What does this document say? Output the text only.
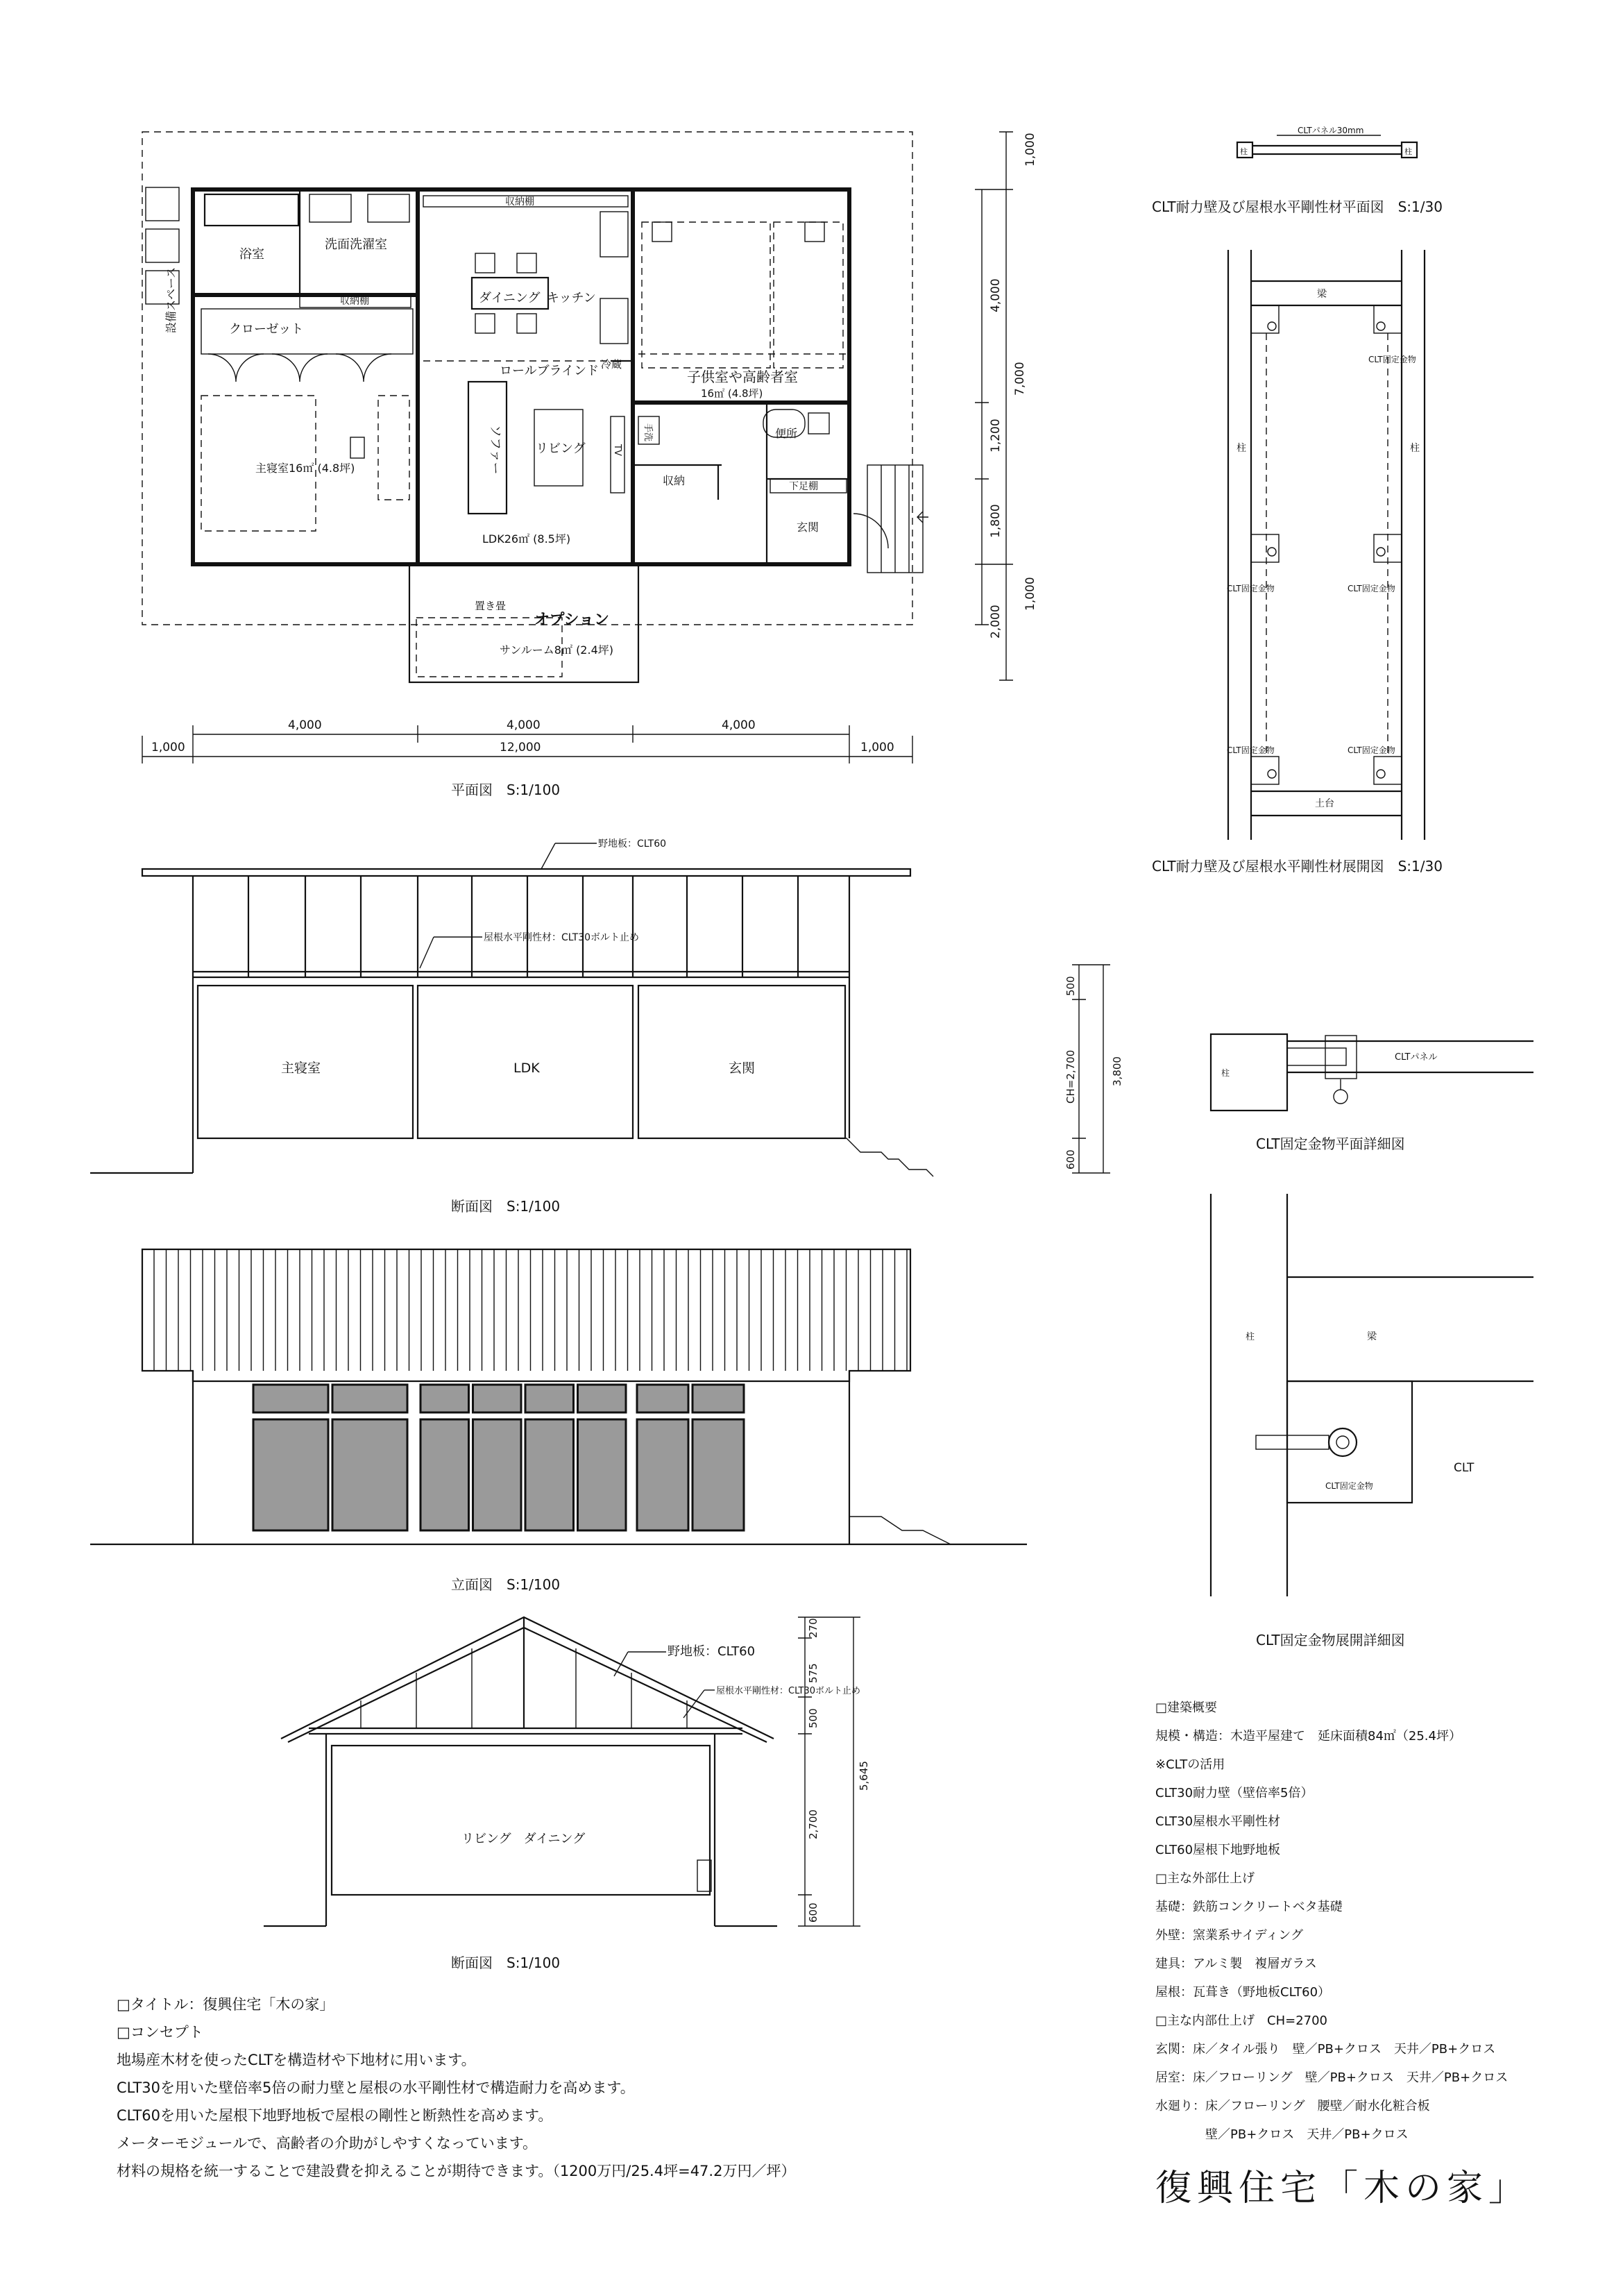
浴室
洗面洗濯室
収納棚
収納棚
設備スペース	クローゼット
主寝室16㎡ (4.8坪)
ダイニング キッチン
冷蔵
ロールブラインド
ソファー	リビング	TV
LDK26㎡ (8.5坪)
子供室や高齢者室
16㎡ (4.8坪)
手洗	便所
収納	下足棚
玄関
置き畳
オプション
サンルーム8㎡ (2.4坪)
1,000
4,000
7,000
1,200
1,800
1,000
2,000
4,000	4,000	4,000
1,000	12,000	1,000
平面図　S:1/100
野地板：CLT60
屋根水平剛性材：CLT30ボルト止め
主寝室	LDK	玄関
500
CH=2,700	3,800
600
断面図　S:1/100
立面図　S:1/100
野地板：CLT60
屋根水平剛性材：CLT30ボルト止め
リビング　ダイニング
270
575
500
5,645
2,700
600
断面図　S:1/100
CLTパネル30mm
柱	柱
CLT耐力壁及び屋根水平剛性材平面図　S:1/30
梁
土台
柱	柱
CLT固定金物
CLT固定金物	CLT固定金物
CLT固定金物	CLT固定金物
CLT耐力壁及び屋根水平剛性材展開図　S:1/30
柱
CLTパネル
CLT固定金物平面詳細図
柱	梁
CLT
CLT固定金物
CLT固定金物展開詳細図
□建築概要
規模・構造：木造平屋建て　延床面積84㎡（25.4坪）
※CLTの活用
CLT30耐力壁（壁倍率5倍）
CLT30屋根水平剛性材
CLT60屋根下地野地板
□主な外部仕上げ
基礎：鉄筋コンクリートベタ基礎
外壁：窯業系サイディング
建具：アルミ製　複層ガラス
屋根：瓦葺き（野地板CLT60）
□主な内部仕上げ　CH=2700
玄関：床／タイル張り　壁／PB+クロス　天井／PB+クロス
居室：床／フローリング　壁／PB+クロス　天井／PB+クロス
水廻り：床／フローリング　腰壁／耐水化粧合板
　　　　壁／PB+クロス　天井／PB+クロス
□タイトル：復興住宅「木の家」
□コンセプト
地場産木材を使ったCLTを構造材や下地材に用います。
CLT30を用いた壁倍率5倍の耐力壁と屋根の水平剛性材で構造耐力を高めます。
CLT60を用いた屋根下地野地板で屋根の剛性と断熱性を高めます。
メーターモジュールで、高齢者の介助がしやすくなっています。
材料の規格を統一することで建設費を抑えることが期待できます。（1200万円/25.4坪=47.2万円／坪）	復興住宅「木の家」
